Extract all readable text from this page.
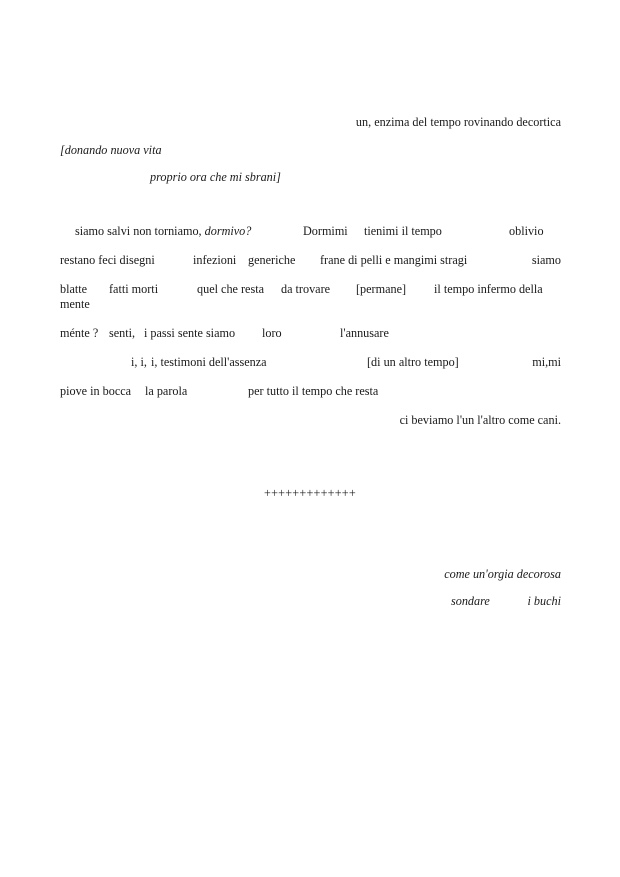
un, enzima del tempo rovinando decortica
[donando nuova vita
proprio ora che mi sbrani]
siamo salvi non torniamo, dormivo?	Dormimi tienimi il tempo	oblivio
restano feci disegni	infezioni generiche frane di pelli e mangimi stragi	siamo
blatte fatti morti	quel che resta da trovare [permane] il tempo infermo della
mente
ménte ? senti, i passi sente siamo loro	l'annusare
i, i, i, testimoni dell'assenza	[di un altro tempo]	mi,mi
piove in bocca la parola	per tutto il tempo che resta
ci beviamo l'un l'altro come cani.
+++++++++++++
come un'orgia decorosa
sondare	i buchi
